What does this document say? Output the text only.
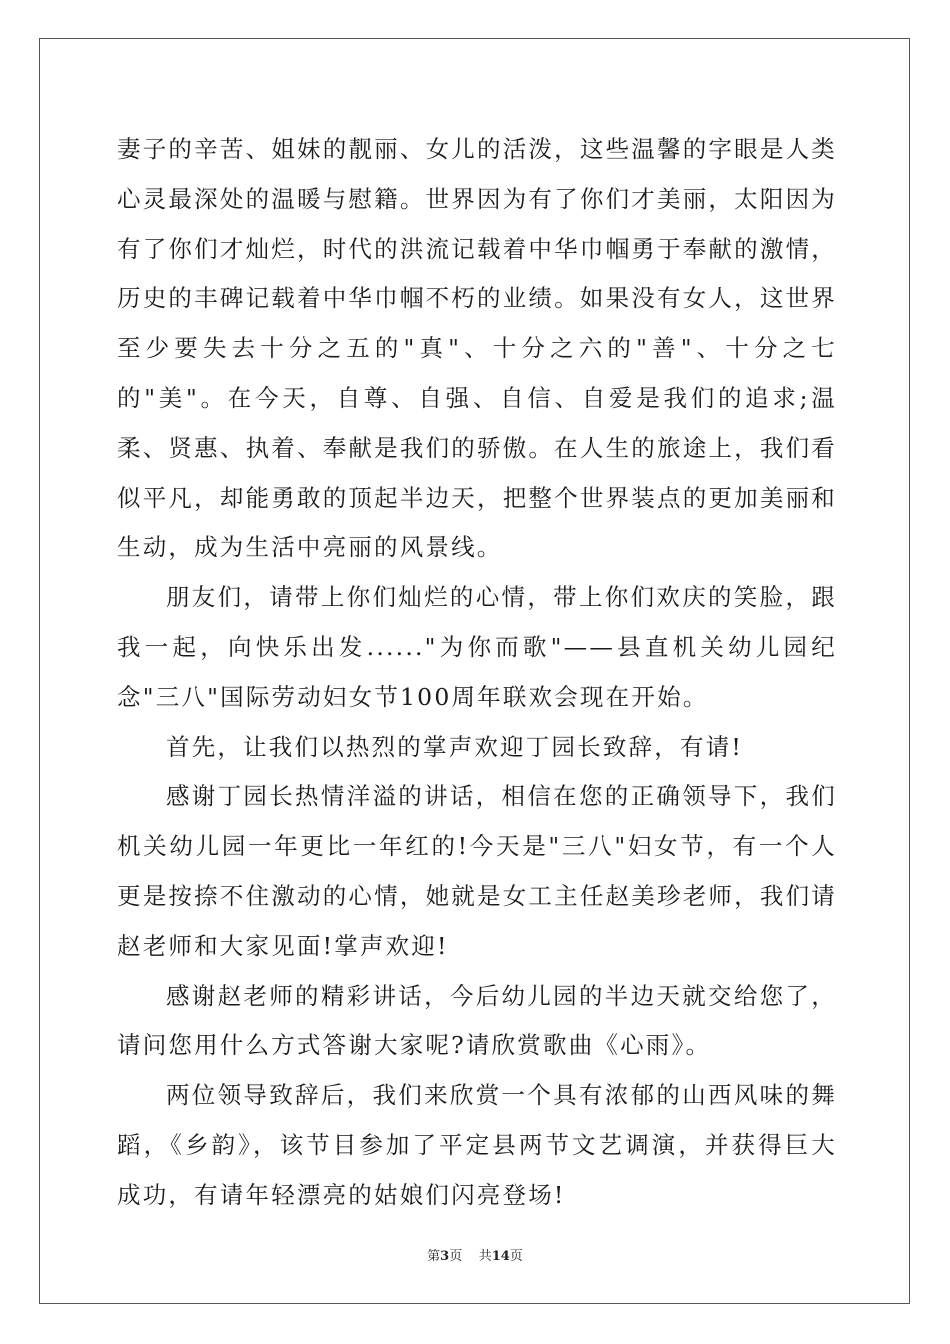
妻子的辛苦、姐妹的靓丽、女儿的活泼，这些温馨的字眼是人类心灵最深处的温暖与慰籍。世界因为有了你们才美丽，太阳因为有了你们才灿烂，时代的洪流记载着中华巾帼勇于奉献的激情，历史的丰碑记载着中华巾帼不朽的业绩。如果没有女人，这世界至少要失去十分之五的"真"、十分之六的"善"、十分之七的"美"。在今天，自尊、自强、自信、自爱是我们的追求;温柔、贤惠、执着、奉献是我们的骄傲。在人生的旅途上，我们看似平凡，却能勇敢的顶起半边天，把整个世界装点的更加美丽和生动，成为生活中亮丽的风景线。

朋友们，请带上你们灿烂的心情，带上你们欢庆的笑脸，跟我一起，向快乐出发......"为你而歌"——县直机关幼儿园纪念"三八"国际劳动妇女节100周年联欢会现在开始。

首先，让我们以热烈的掌声欢迎丁园长致辞，有请!

感谢丁园长热情洋溢的讲话，相信在您的正确领导下，我们机关幼儿园一年更比一年红的!今天是"三八"妇女节，有一个人更是按捺不住激动的心情，她就是女工主任赵美珍老师，我们请赵老师和大家见面!掌声欢迎!

感谢赵老师的精彩讲话，今后幼儿园的半边天就交给您了，请问您用什么方式答谢大家呢?请欣赏歌曲《心雨》。

两位领导致辞后，我们来欣赏一个具有浓郁的山西风味的舞蹈，《乡韵》，该节目参加了平定县两节文艺调演，并获得巨大成功，有请年轻漂亮的姑娘们闪亮登场!

第3页 共14页
